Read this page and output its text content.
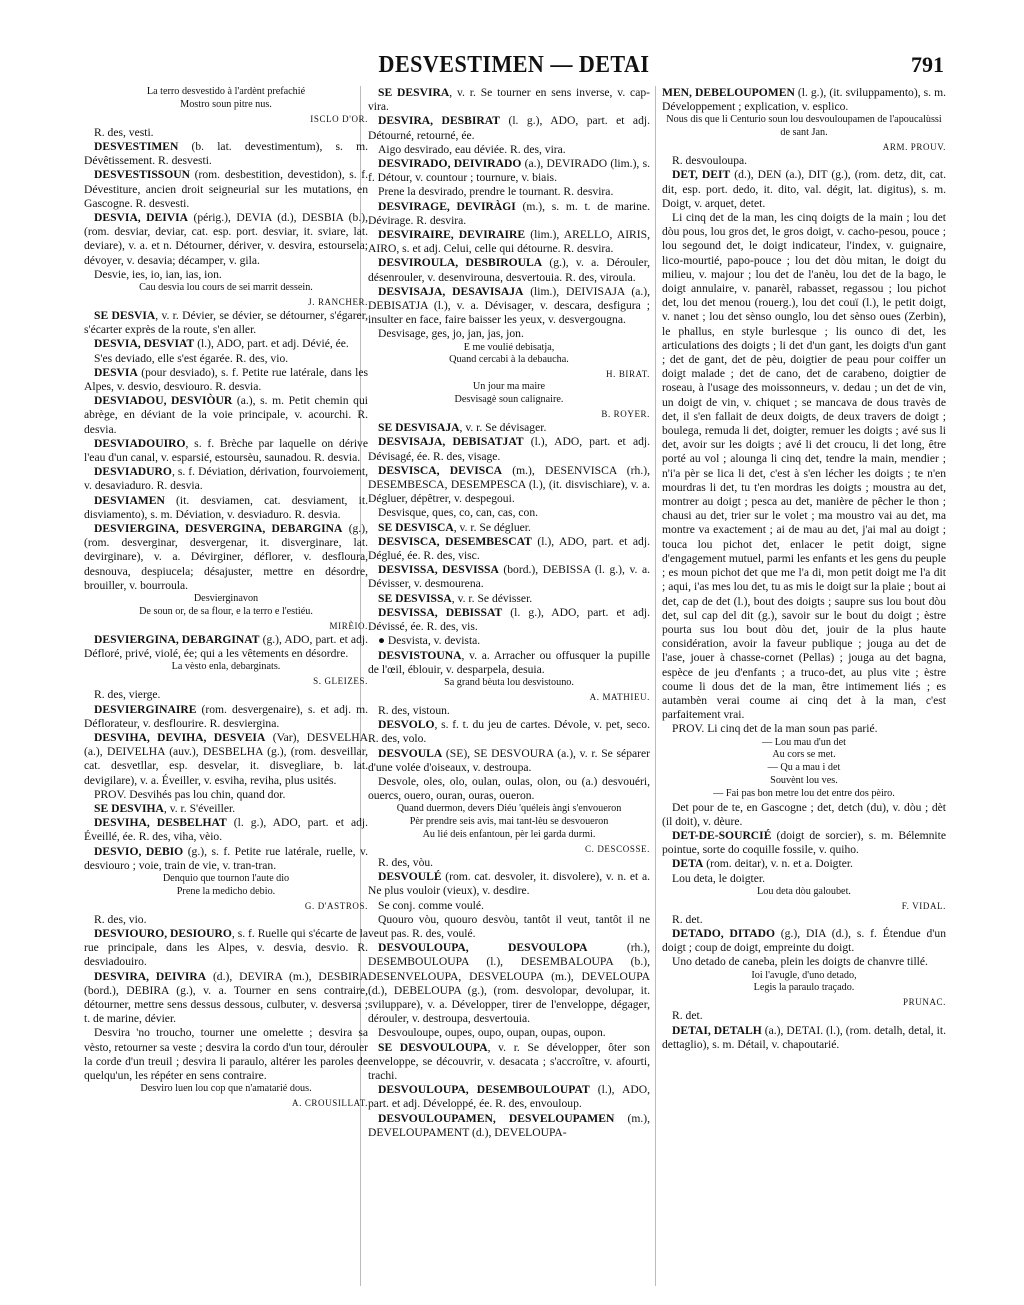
DESVESTIMEN — DETAI	791

La terro desvestido à l'ardènt prefachié

Mostro soun pitre nus.

ISCLO D'OR.

R. des, vesti.

DESVESTIMEN (b. lat. devestimentum), s. m. Dévêtissement. R. desvesti.

DESVESTISSOUN (rom. desbestition, devestidon), s. f. Dévestiture, ancien droit seigneurial sur les mutations, en Gascogne. R. desvesti.

DESVIA, DEIVIA (périg.), DEVIA (d.), DESBIA (b.), (rom. desviar, deviar, cat. esp. port. desviar, it. sviare, lat. deviare), v. a. et n. Détourner, dériver, v. desvira, estoursela; dévoyer, v. desavia; décamper, v. gila.

Desvie, ies, io, ian, ias, ion.

Cau desvia lou cours de sei marrit dessein.

J. RANCHER.

SE DESVIA, v. r. Dévier, se dévier, se détourner, s'égarer, s'écarter exprès de la route, s'en aller.

DESVIA, DESVIAT (l.), ADO, part. et adj. Dévié, ée.

S'es deviado, elle s'est égarée. R. des, vio.

DESVIA (pour desviado), s. f. Petite rue latérale, dans les Alpes, v. desvio, desviouro. R. desvia.

DESVIADOU, DESVIÒUR (a.), s. m. Petit chemin qui abrège, en déviant de la voie principale, v. acourchi. R. desvia.

DESVIADOUIRO, s. f. Brèche par laquelle on dérive l'eau d'un canal, v. esparsié, estoursèu, saunadou. R. desvia.

DESVIADURO, s. f. Déviation, dérivation, fourvoiement, v. desaviaduro. R. desvia.

DESVIAMEN (it. desviamen, cat. desviament, it. disviamento), s. m. Déviation, v. desviaduro. R. desvia.

DESVIERGINA, DESVERGINA, DEBARGINA (g.), (rom. desverginar, desvergenar, it. disverginare, lat. devirginare), v. a. Dévirginer, déflorer, v. desfloura, desnouva, despiucela; désajuster, mettre en désordre, brouiller, v. bourroula.

Desvierginavon

De soun or, de sa flour, e la terro e l'estiéu.

MIRÈIO.

DESVIERGINA, DEBARGINAT (g.), ADO, part. et adj. Défloré, privé, violé, ée; qui a les vêtements en désordre.

La vèsto enla, debarginats.

S. GLEIZES.

R. des, vierge.

DESVIERGINAIRE (rom. desvergenaire), s. et adj. m. Déflorateur, v. desflourire. R. desviergina.

DESVIHA, DEVIHA, DESVEIA (Var), DESVELHA (a.), DEIVELHA (auv.), DESBELHA (g.), (rom. desveillar, cat. desvetllar, esp. desvelar, it. disvegliare, b. lat. devigilare), v. a. Éveiller, v. esviha, reviha, plus usités.

PROV. Desvihés pas lou chin, quand dor.

SE DESVIHA, v. r. S'éveiller.

DESVIHA, DESBELHAT (l. g.), ADO, part. et adj. Éveillé, ée. R. des, viha, vèio.

DESVIO, DEBIO (g.), s. f. Petite rue latérale, ruelle, v. desviouro ; voie, train de vie, v. tran-tran.

Denquio que tournon l'aute dio

Prene la medicho debio.

G. D'ASTROS.

R. des, vio.

DESVIOURO, DESIOURO, s. f. Ruelle qui s'écarte de la rue principale, dans les Alpes, v. desvia, desvio. R. desviadouiro.

DESVIRA, DEIVIRA (d.), DEVIRA (m.), DESBIRA (bord.), DEBIRA (g.), v. a. Tourner en sens contraire, détourner, mettre sens dessus dessous, culbuter, v. desversa ; t. de marine, dévier.

Desvira 'no troucho, tourner une omelette ; desvira sa vèsto, retourner sa veste ; desvira la cordo d'un tour, dérouler la corde d'un treuil ; desvira li paraulo, altérer les paroles de quelqu'un, les répéter en sens contraire.

Desviro luen lou cop que n'amatarié dous.

A. CROUSILLAT.

SE DESVIRA, v. r. Se tourner en sens inverse, v. cap-vira.

DESVIRA, DESBIRAT (l. g.), ADO, part. et adj. Détourné, retourné, ée.

Aigo desvirado, eau déviée. R. des, vira.

DESVIRADO, DEIVIRADO (a.), DEVIRADO (lim.), s. f. Détour, v. countour ; tournure, v. biais.

Prene la desvirado, prendre le tournant. R. desvira.

DESVIRAGE, DEVIRÀGI (m.), s. m. t. de marine. Dévirage. R. desvira.

DESVIRAIRE, DEVIRAIRE (lim.), ARELLO, AIRIS, AIRO, s. et adj. Celui, celle qui détourne. R. desvira.

DESVIROULA, DESBIROULA (g.), v. a. Dérouler, désenrouler, v. desenvirouna, desvertouia. R. des, viroula.

DESVISAJA, DESAVISAJA (lim.), DEIVISAJA (a.), DEBISATJA (l.), v. a. Dévisager, v. descara, desfigura ; insulter en face, faire baisser les yeux, v. desvergougna.

Desvisage, ges, jo, jan, jas, jon.

E me voulié debisatja,

Quand cercabi à la debaucha.

H. BIRAT.

Un jour ma maire

Desvisagè soun calignaire.

B. ROYER.

SE DESVISAJA, v. r. Se dévisager.

DESVISAJA, DEBISATJAT (l.), ADO, part. et adj. Dévisagé, ée. R. des, visage.

DESVISCA, DEVISCA (m.), DESENVISCA (rh.), DESEMBESCA, DESEMPESCA (l.), (it. disvischiare), v. a. Dégluer, dépêtrer, v. despegoui.

Desvisque, ques, co, can, cas, con.

SE DESVISCA, v. r. Se dégluer.

DESVISCA, DESEMBESCAT (l.), ADO, part. et adj. Déglué, ée. R. des, visc.

DESVISSA, DESVISSA (bord.), DEBISSA (l. g.), v. a. Dévisser, v. desmourena.

SE DESVISSA, v. r. Se dévisser.

DESVISSA, DEBISSAT (l. g.), ADO, part. et adj. Dévissé, ée. R. des, vis.

● Desvista, v. devista.

DESVISTOUNA, v. a. Arracher ou offusquer la pupille de l'œil, éblouir, v. desparpela, desuia.

Sa grand bèuta lou desvistouno.

A. MATHIEU.

R. des, vistoun.

DESVOLO, s. f. t. du jeu de cartes. Dévole, v. pet, seco. R. des, volo.

DESVOULA (SE), SE DESVOURA (a.), v. r. Se séparer d'une volée d'oiseaux, v. destroupa.

Desvole, oles, olo, oulan, oulas, olon, ou (a.) desvouéri, ouercs, ouero, ouran, ouras, oueron.

Quand duermon, devers Diéu 'quéleis àngi s'envoueron

Pèr prendre seis avis, mai tant-lèu se desvoueron

Au lié deis enfantoun, pèr lei garda durmi.

C. DESCOSSE.

R. des, vòu.

DESVOULÉ (rom. cat. desvoler, it. disvolere), v. n. et a. Ne plus vouloir (vieux), v. desdire.

Se conj. comme voulé.

Quouro vòu, quouro desvòu, tantôt il veut, tantôt il ne veut pas. R. des, voulé.

DESVOULOUPA, DESVOULOPA (rh.), DESEMBOULOUPA (l.), DESEMBALOUPA (b.), DESENVELOUPA, DESVELOUPA (m.), DEVELOUPA (d.), DEBELOUPA (g.), (rom. desvolopar, devolupar, it. sviluppare), v. a. Développer, tirer de l'enveloppe, dégager, dérouler, v. destroupa, desvertouia.

Desvouloupe, oupes, oupo, oupan, oupas, oupon.

SE DESVOULOUPA, v. r. Se développer, ôter son enveloppe, se découvrir, v. desacata ; s'accroître, v. afourti, trachi.

DESVOULOUPA, DESEMBOULOUPAT (l.), ADO, part. et adj. Développé, ée. R. des, envouloup.

DESVOULOUPAMEN, DESVELOUPAMEN (m.), DEVELOUPAMENT (d.), DEVELOUPA-

MEN, DEBELOUPOMEN (l. g.), (it. sviluppamento), s. m. Développement ; explication, v. esplico.

Nous dis que li Centurio soun lou desvouloupamen de l'apoucalùssi de sant Jan.

ARM. PROUV.

R. desvouloupa.

DET, DEIT (d.), DEN (a.), DIT (g.), (rom. detz, dit, cat. dit, esp. port. dedo, it. dito, val. dégit, lat. digitus), s. m. Doigt, v. arquet, detet.

Li cinq det de la man, les cinq doigts de la main ; lou det dòu pous, lou gros det, le gros doigt, v. cacho-pesou, pouce ; lou segound det, le doigt indicateur, l'index, v. guignaire, lico-mourtié, papo-pouce ; lou det dòu mitan, le doigt du milieu, v. majour ; lou det de l'anèu, lou det de la bago, le doigt annulaire, v. panarèl, rabasset, regassou ; lou pichot det, lou det menou (rouerg.), lou det couï (l.), le petit doigt, v. nanet ; lou det sènso ounglo, lou det sènso oues (Zerbin), le phallus, en style burlesque ; lis ounco di det, les articulations des doigts ; li det d'un gant, les doigts d'un gant ; det de gant, det de pèu, doigtier de peau pour coiffer un doigt malade ; det de cano, det de carabeno, doigtier de roseau, à l'usage des moissonneurs, v. dedau ; un det de vin, un doigt de vin, v. chiquet ; se mancava de dous travès de det, il s'en fallait de deux doigts, de deux travers de doigt ; boulega, remuda li det, doigter, remuer les doigts ; avé sus li det, avoir sur les doigts ; avé li det croucu, li det long, être porté au vol ; alounga li cinq det, tendre la main, mendier ; n'i'a pèr se lica li det, c'est à s'en lécher les doigts ; te n'en mourdras li det, tu t'en mordras les doigts ; moustra au det, montrer au doigt ; pesca au det, manière de pêcher le thon ; chausi au det, trier sur le volet ; ma moustro vai au det, ma montre va exactement ; ai de mau au det, j'ai mal au doigt ; touca lou pichot det, enlacer le petit doigt, signe d'engagement mutuel, parmi les enfants et les gens du peuple ; es moun pichot det que me l'a di, mon petit doigt me l'a dit ; aqui, i'as mes lou det, tu as mis le doigt sur la plaie ; bout ai det, cap de det (l.), bout des doigts ; saupre sus lou bout dòu det, sul cap del dit (g.), savoir sur le bout du doigt ; èstre pourta sus lou bout dòu det, jouir de la plus haute considération, avoir la faveur publique ; jouga au det de l'ase, jouer à chasse-cornet (Pellas) ; jouga au det bagna, espèce de jeu d'enfants ; a truco-det, au plus vite ; èstre coume li dous det de la man, être intimement liés ; es autambèn verai coume ai cinq det à la man, c'est parfaitement vrai.

PROV. Li cinq det de la man soun pas parié.

— Lou mau d'un det

Au cors se met.

— Qu a mau i det

Souvènt lou ves.

— Fai pas bon metre lou det entre dos pèiro.

Det pour de te, en Gascogne ; det, detch (du), v. dòu ; dèt (il doit), v. dèure.

DET-DE-SOURCIÉ (doigt de sorcier), s. m. Bélemnite pointue, sorte do coquille fossile, v. quiho.

DETA (rom. deitar), v. n. et a. Doigter.

Lou deta, le doigter.

Lou deta dòu galoubet.

F. VIDAL.

R. det.

DETADO, DITADO (g.), DIA (d.), s. f. Étendue d'un doigt ; coup de doigt, empreinte du doigt.

Uno detado de caneba, plein les doigts de chanvre tillé.

Ioi l'avugle, d'uno detado,

Legis la paraulo traçado.

PRUNAC.

R. det.

DETAI, DETALH (a.), DETAI. (l.), (rom. detalh, detal, it. dettaglio), s. m. Détail, v. chapoutarié.
